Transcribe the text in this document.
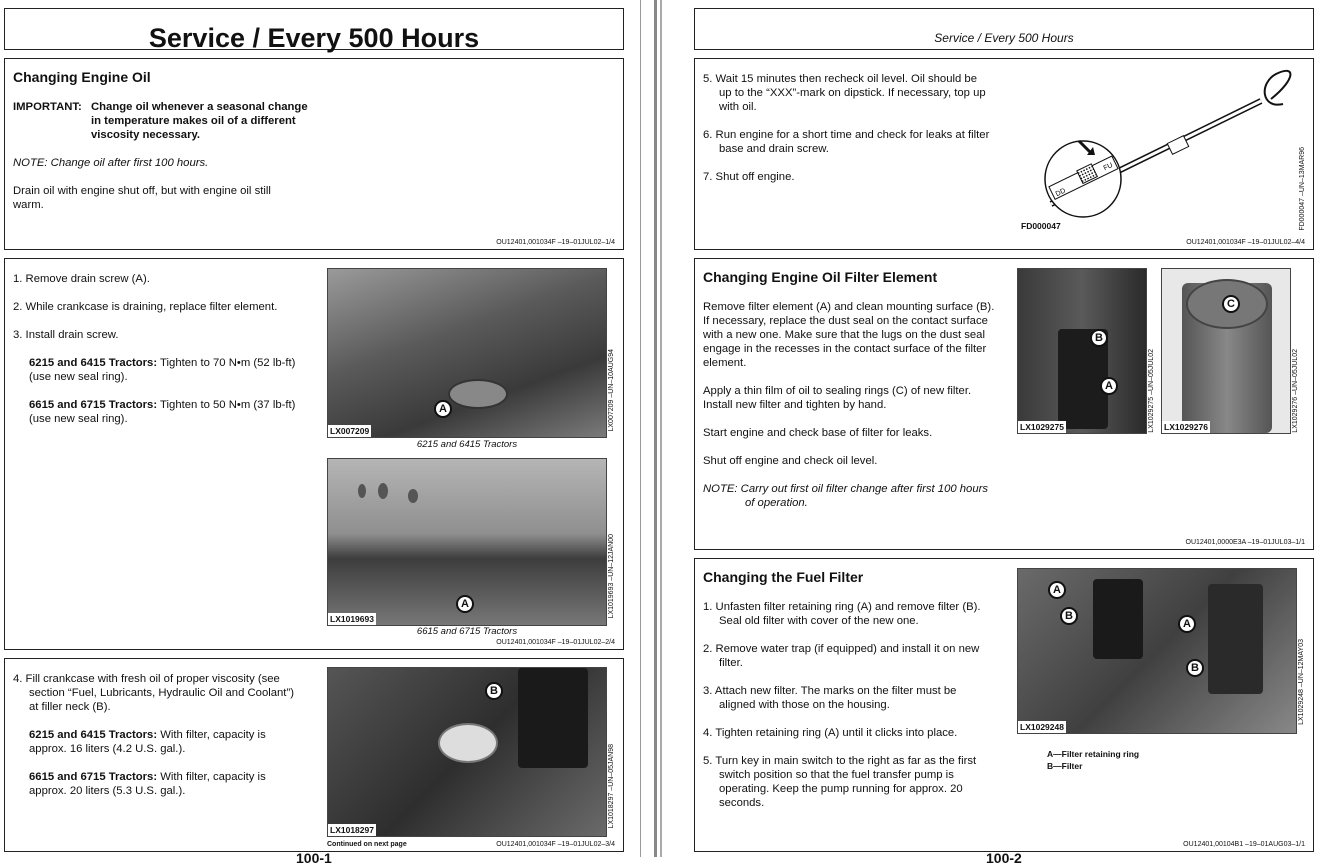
Service / Every 500 Hours
Changing Engine Oil
IMPORTANT: Change oil whenever a seasonal change
in temperature makes oil of a different
viscosity necessary.
NOTE: Change oil after first 100 hours.
Drain oil with engine shut off, but with engine oil still
warm.
OU12401,001034F –19–01JUL02–1/4
1. Remove drain screw (A).
2. While crankcase is draining, replace filter element.
3. Install drain screw.
6215 and 6415 Tractors: Tighten to 70 N•m (52 lb-ft)
(use new seal ring).
6615 and 6715 Tractors: Tighten to 50 N•m (37 lb-ft)
(use new seal ring).
A
LX007209	LX007209 –UN–10AUG94
6215 and 6415 Tractors
A
LX1019693
LX1019693 –UN–12JAN00
6615 and 6715 Tractors
OU12401,001034F –19–01JUL02–2/4
4. Fill crankcase with fresh oil of proper viscosity (see
section “Fuel, Lubricants, Hydraulic Oil and Coolant”)
at filler neck (B).
6215 and 6415 Tractors: With filter, capacity is
approx. 16 liters (4.2 U.S. gal.).
6615 and 6715 Tractors: With filter, capacity is
approx. 20 liters (5.3 U.S. gal.).
B
LX1018297
LX1018297 –UN–05JAN98
Continued on next page	OU12401,001034F –19–01JUL02–3/4
100-1
Service / Every 500 Hours
5. Wait 15 minutes then recheck oil level. Oil should be
up to the “XXX”-mark on dipstick. If necessary, top up
with oil.
6. Run engine for a short time and check for leaks at filter
base and drain screw.
7. Shut off engine.
DD
FU
FD000047	FD000047 –UN–13MAR96
OU12401,001034F –19–01JUL02–4/4
Changing Engine Oil Filter Element
Remove filter element (A) and clean mounting surface (B).
If necessary, replace the dust seal on the contact surface
with a new one. Make sure that the lugs on the dust seal
engage in the recesses in the contact surface of the filter
element.
Apply a thin film of oil to sealing rings (C) of new filter.
Install new filter and tighten by hand.
Start engine and check base of filter for leaks.
Shut off engine and check oil level.
NOTE: Carry out first oil filter change after first 100 hours
of operation.
B
A
LX1029275	LX1029275 –UN–05JUL02
C
LX1029276	LX1029276 –UN–05JUL02
OU12401,0000E3A –19–01JUL03–1/1
Changing the Fuel Filter
1. Unfasten filter retaining ring (A) and remove filter (B).
Seal old filter with cover of the new one.
2. Remove water trap (if equipped) and install it on new
filter.
3. Attach new filter. The marks on the filter must be
aligned with those on the housing.
4. Tighten retaining ring (A) until it clicks into place.
5. Turn key in main switch to the right as far as the first
switch position so that the fuel transfer pump is
operating. Keep the pump running for approx. 20
seconds.
A
B
A
B
LX1029248
LX1029248 –UN–12MAY03
A—Filter retaining ring
B—Filter
OU12401,00104B1 –19–01AUG03–1/1
100-2
